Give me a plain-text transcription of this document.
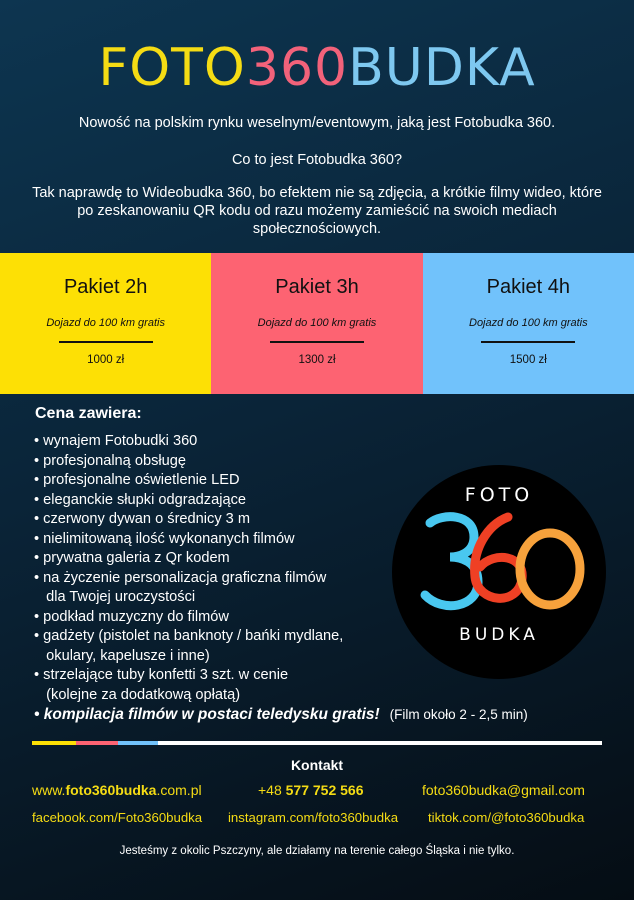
FOTO360BUDKA

Nowość na polskim rynku weselnym/eventowym, jaką jest Fotobudka 360.

Co to jest Fotobudka 360?

Tak naprawdę to Wideobudka 360, bo efektem nie są zdjęcia, a krótkie filmy wideo, które po zeskanowaniu QR kodu od razu możemy zamieścić na swoich mediach społecznościowych.

Pakiet 2h
Dojazd do 100 km gratis
1000 zł
Pakiet 3h
Dojazd do 100 km gratis
1300 zł
Pakiet 4h
Dojazd do 100 km gratis
1500 zł
Cena zawiera:
• wynajem Fotobudki 360
• profesjonalną obsługę
• profesjonalne oświetlenie LED
• eleganckie słupki odgradzające
• czerwony dywan o średnicy 3 m
• nielimitowaną ilość wykonanych filmów
• prywatna galeria z Qr kodem
• na życzenie personalizacja graficzna filmów
dla Twojej uroczystości
• podkład muzyczny do filmów
• gadżety (pistolet na banknoty / bańki mydlane,
okulary, kapelusze i inne)
• strzelające tuby konfetti 3 szt. w cenie
(kolejne za dodatkową opłatą)
• kompilacja filmów w postaci teledysku gratis! (Film około 2 - 2,5 min)
FOTO
BUDKA
Kontakt
www.foto360budka.com.pl	+48 577 752 566	foto360budka@gmail.com
facebook.com/Foto360budka instagram.com/foto360budka tiktok.com/@foto360budka

Jesteśmy z okolic Pszczyny, ale działamy na terenie całego Śląska i nie tylko.
